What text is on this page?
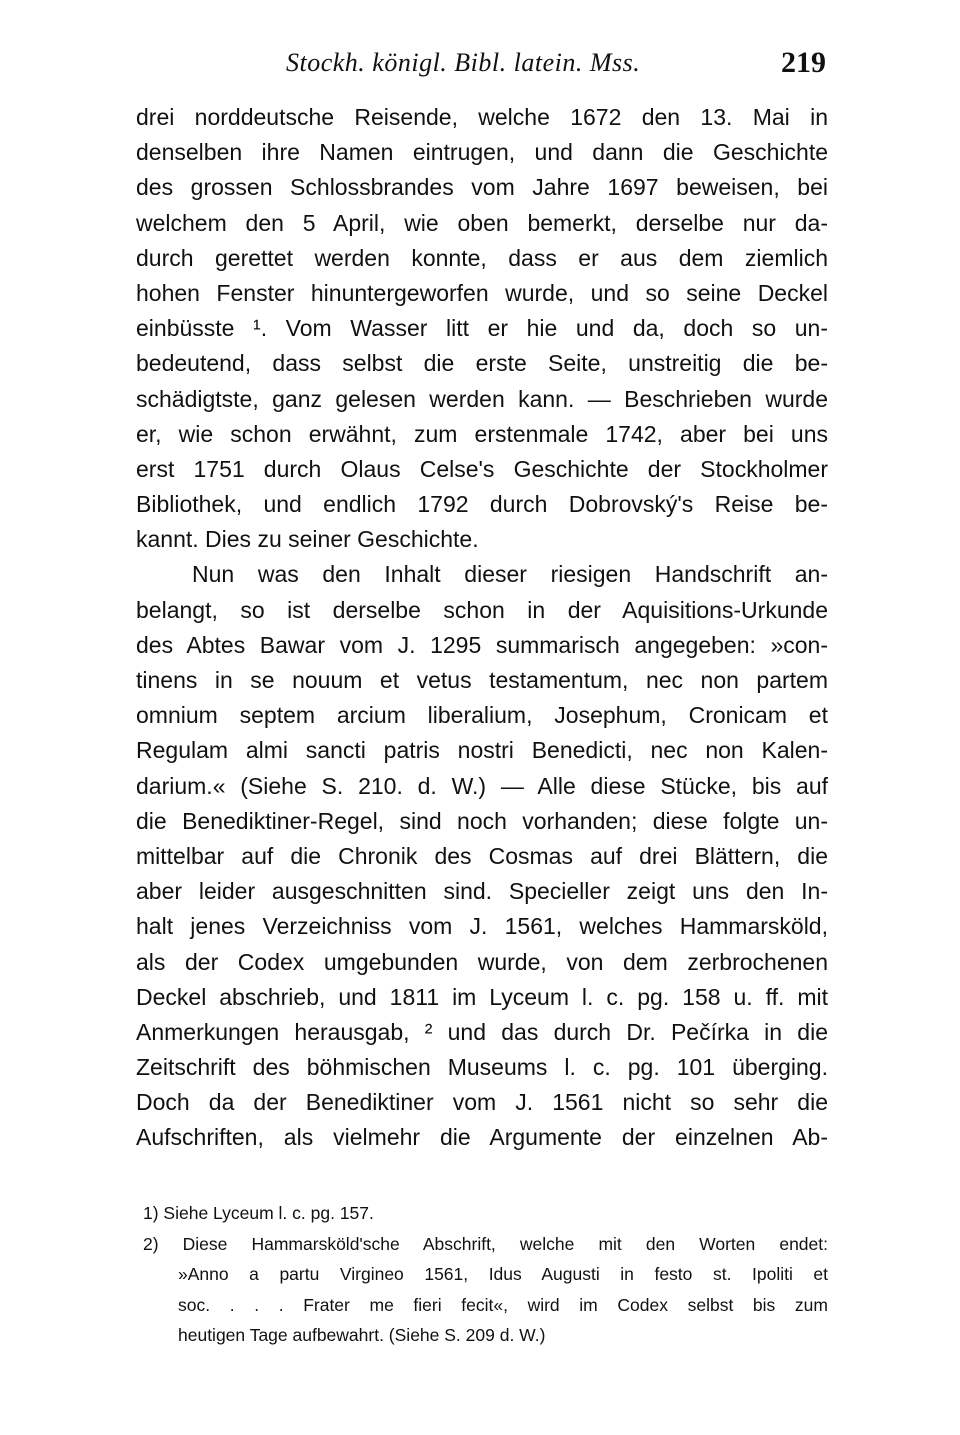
Stockh. königl. Bibl. latein. Mss.	219
drei norddeutsche Reisende, welche 1672 den 13. Mai in
denselben ihre Namen eintrugen, und dann die Geschichte
des grossen Schlossbrandes vom Jahre 1697 beweisen, bei
welchem den 5 April, wie oben bemerkt, derselbe nur da-
durch gerettet werden konnte, dass er aus dem ziemlich
hohen Fenster hinuntergeworfen wurde, und so seine Deckel
einbüsste ¹. Vom Wasser litt er hie und da, doch so un-
bedeutend, dass selbst die erste Seite, unstreitig die be-
schädigtste, ganz gelesen werden kann. — Beschrieben wurde
er, wie schon erwähnt, zum erstenmale 1742, aber bei uns
erst 1751 durch Olaus Celse's Geschichte der Stockholmer
Bibliothek, und endlich 1792 durch Dobrovský's Reise be-
kannt. Dies zu seiner Geschichte.
Nun was den Inhalt dieser riesigen Handschrift an-
belangt, so ist derselbe schon in der Aquisitions-Urkunde
des Abtes Bawar vom J. 1295 summarisch angegeben: »con-
tinens in se nouum et vetus testamentum, nec non partem
omnium septem arcium liberalium, Josephum, Cronicam et
Regulam almi sancti patris nostri Benedicti, nec non Kalen-
darium.« (Siehe S. 210. d. W.) — Alle diese Stücke, bis auf
die Benediktiner-Regel, sind noch vorhanden; diese folgte un-
mittelbar auf die Chronik des Cosmas auf drei Blättern, die
aber leider ausgeschnitten sind. Specieller zeigt uns den In-
halt jenes Verzeichniss vom J. 1561, welches Hammarsköld,
als der Codex umgebunden wurde, von dem zerbrochenen
Deckel abschrieb, und 1811 im Lyceum l. c. pg. 158 u. ff. mit
Anmerkungen herausgab, ² und das durch Dr. Pečírka in die
Zeitschrift des böhmischen Museums l. c. pg. 101 überging.
Doch da der Benediktiner vom J. 1561 nicht so sehr die
Aufschriften, als vielmehr die Argumente der einzelnen Ab-
1) Siehe Lyceum l. c. pg. 157.
2) Diese Hammarsköld'sche Abschrift, welche mit den Worten endet:
»Anno a partu Virgineo 1561, Idus Augusti in festo st. Ipoliti et
soc. . . . Frater me fieri fecit«, wird im Codex selbst bis zum
heutigen Tage aufbewahrt. (Siehe S. 209 d. W.)
